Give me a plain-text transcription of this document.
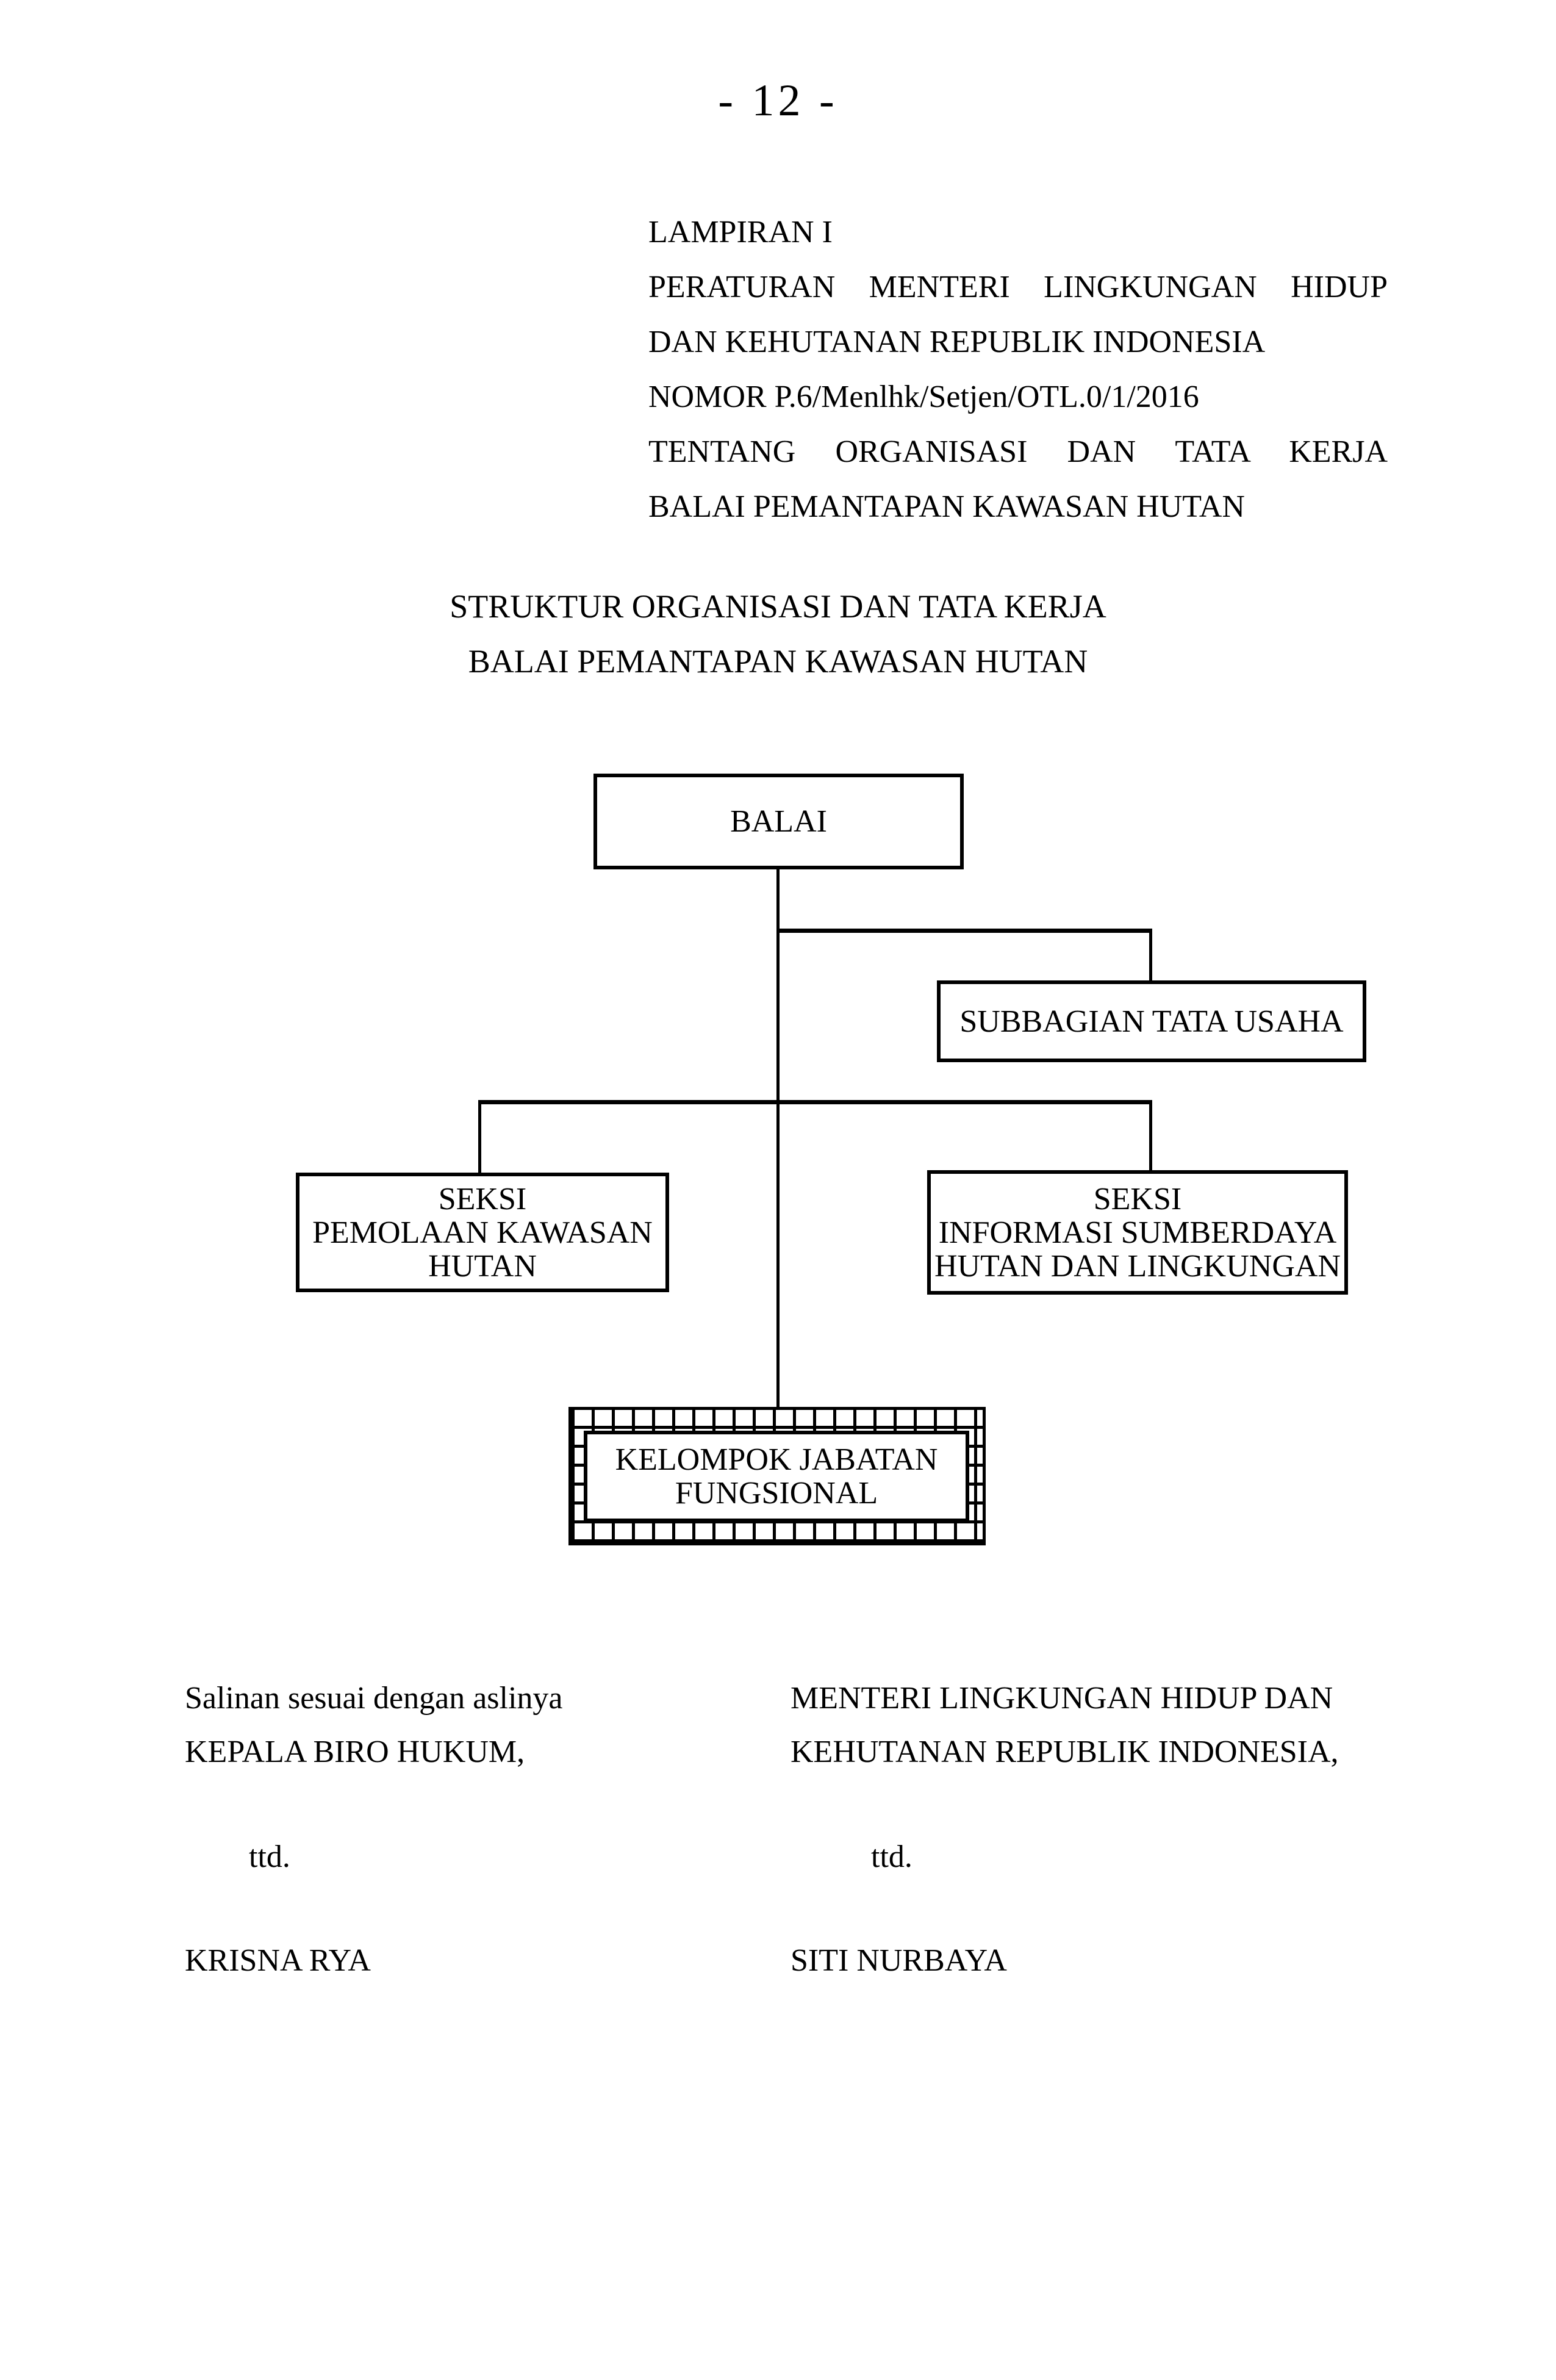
- 12 -
LAMPIRAN I
PERATURAN MENTERI LINGKUNGAN HIDUP
DAN KEHUTANAN REPUBLIK INDONESIA
NOMOR P.6/Menlhk/Setjen/OTL.0/1/2016
TENTANG ORGANISASI DAN TATA KERJA
BALAI PEMANTAPAN KAWASAN HUTAN
STRUKTUR ORGANISASI DAN TATA KERJA
BALAI PEMANTAPAN KAWASAN HUTAN
BALAI
SUBBAGIAN TATA USAHA
SEKSI
PEMOLAAN KAWASAN
HUTAN
SEKSI
INFORMASI SUMBERDAYA
HUTAN DAN LINGKUNGAN
KELOMPOK JABATAN
FUNGSIONAL
Salinan sesuai dengan aslinya
KEPALA BIRO HUKUM,
ttd.
KRISNA RYA
MENTERI LINGKUNGAN HIDUP DAN
KEHUTANAN REPUBLIK INDONESIA,
ttd.
SITI NURBAYA
